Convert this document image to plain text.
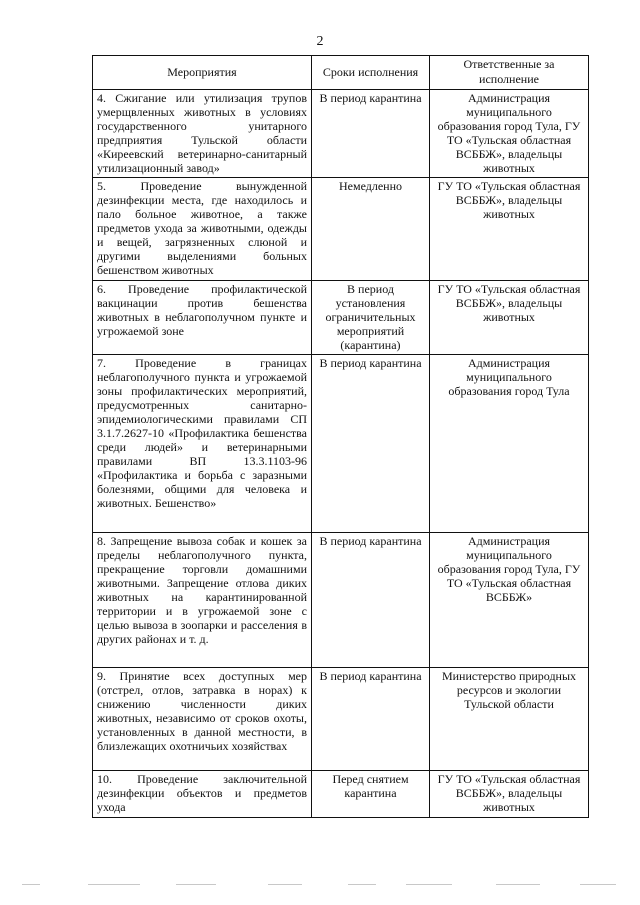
2
Мероприятия	Сроки исполнения	Ответственные за исполнение
4. Сжигание или утилизация трупов умерщвленных животных в условиях государственного унитарного предприятия Тульской области «Киреевский ветеринарно-санитарный утилизационный завод»	В период карантина	Администрация муниципального образования город Тула, ГУ ТО «Тульская областная ВСББЖ», владельцы животных
5. Проведение вынужденной дезинфекции места, где находилось и пало больное животное, а также предметов ухода за животными, одежды и вещей, загрязненных слюной и другими выделениями больных бешенством животных	Немедленно	ГУ ТО «Тульская областная ВСББЖ», владельцы животных
6. Проведение профилактической вакцинации против бешенства животных в неблагополучном пункте и угрожаемой зоне	В период установления ограничительных мероприятий (карантина)	ГУ ТО «Тульская областная ВСББЖ», владельцы животных
7. Проведение в границах неблагополучного пункта и угрожаемой зоны профилактических мероприятий, предусмотренных санитарно-эпидемиологическими правилами СП 3.1.7.2627-10 «Профилактика бешенства среди людей» и ветеринарными правилами ВП 13.3.1103-96 «Профилактика и борьба с заразными болезнями, общими для человека и животных. Бешенство»	В период карантина	Администрация муниципального образования город Тула
8. Запрещение вывоза собак и кошек за пределы неблагополучного пункта, прекращение торговли домашними животными. Запрещение отлова диких животных на карантинированной территории и в угрожаемой зоне с целью вывоза в зоопарки и расселения в других районах и т. д.	В период карантина	Администрация муниципального образования город Тула, ГУ ТО «Тульская областная ВСББЖ»
9. Принятие всех доступных мер (отстрел, отлов, затравка в норах) к снижению численности диких животных, независимо от сроков охоты, установленных в данной местности, в близлежащих охотничьих хозяйствах	В период карантина	Министерство природных ресурсов и экологии Тульской области
10. Проведение заключительной дезинфекции объектов и предметов ухода	Перед снятием карантина	ГУ ТО «Тульская областная ВСББЖ», владельцы животных
